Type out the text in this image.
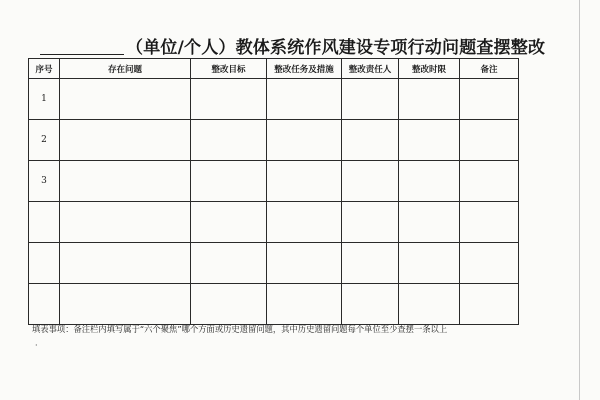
（单位/个人）教体系统作风建设专项行动问题查摆整改
序号	存在问题	整改目标	整改任务及措施	整改责任人	整改时限	备注
1						
2						
3						

填表事项：备注栏内填写属于“六个聚焦”哪个方面或历史遗留问题，其中历史遗留问题每个单位至少查摆一条以上
·
